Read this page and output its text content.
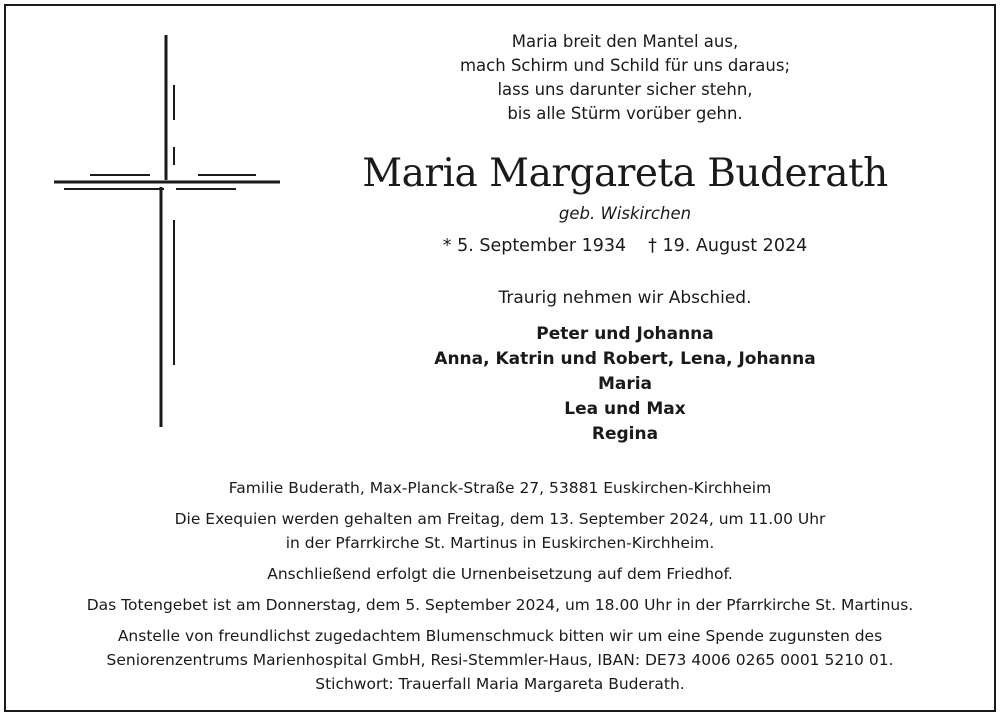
Maria breit den Mantel aus,
mach Schirm und Schild für uns daraus;
lass uns darunter sicher stehn,
bis alle Stürm vorüber gehn.
Maria Margareta Buderath
geb. Wiskirchen
* 5. September 1934 † 19. August 2024
Traurig nehmen wir Abschied.
Peter und Johanna
Anna, Katrin und Robert, Lena, Johanna
Maria
Lea und Max
Regina
Familie Buderath, Max-Planck-Straße 27, 53881 Euskirchen-Kirchheim
Die Exequien werden gehalten am Freitag, dem 13. September 2024, um 11.00 Uhr
in der Pfarrkirche St. Martinus in Euskirchen-Kirchheim.
Anschließend erfolgt die Urnenbeisetzung auf dem Friedhof.
Das Totengebet ist am Donnerstag, dem 5. September 2024, um 18.00 Uhr in der Pfarrkirche St. Martinus.
Anstelle von freundlichst zugedachtem Blumenschmuck bitten wir um eine Spende zugunsten des
Seniorenzentrums Marienhospital GmbH, Resi-Stemmler-Haus, IBAN: DE73 4006 0265 0001 5210 01.
Stichwort: Trauerfall Maria Margareta Buderath.
